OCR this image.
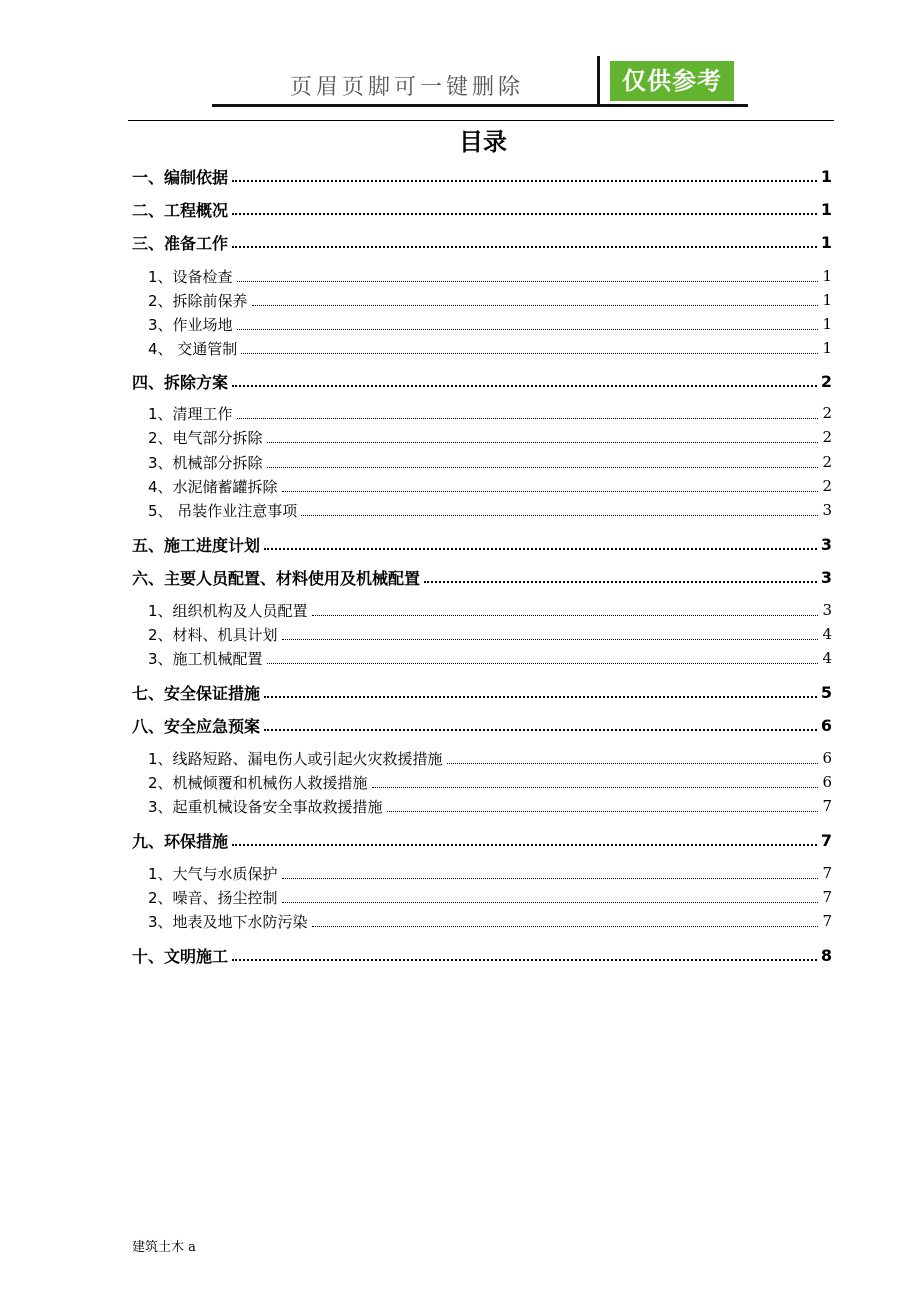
页眉页脚可一键删除	仅供参考
目录
一、编制依据	1
二、工程概况	1
三、准备工作	1
1、设备检查	1
2、拆除前保养	1
3、作业场地	1
4、 交通管制	1
四、拆除方案	2
1、清理工作	2
2、电气部分拆除	2
3、机械部分拆除	2
4、水泥储蓄罐拆除	2
5、 吊装作业注意事项	3
五、施工进度计划	3
六、主要人员配置、材料使用及机械配置	3
1、组织机构及人员配置	3
2、材料、机具计划	4
3、施工机械配置	4
七、安全保证措施	5
八、安全应急预案	6
1、线路短路、漏电伤人或引起火灾救援措施	6
2、机械倾覆和机械伤人救援措施	6
3、起重机械设备安全事故救援措施	7
九、环保措施	7
1、大气与水质保护	7
2、噪音、扬尘控制	7
3、地表及地下水防污染	7
十、文明施工	8
建筑土木 a
